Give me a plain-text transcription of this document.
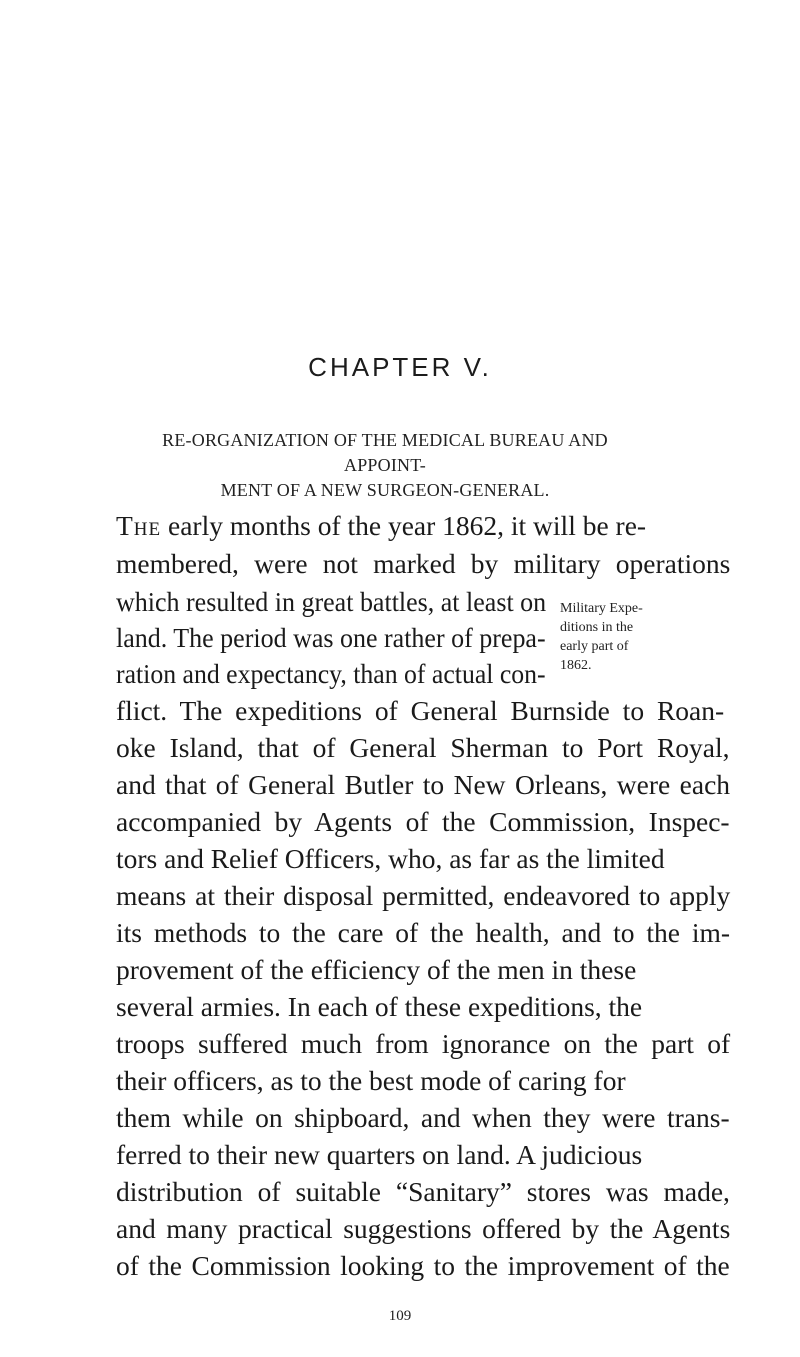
CHAPTER V.
RE-ORGANIZATION OF THE MEDICAL BUREAU AND APPOINT-
MENT OF A NEW SURGEON-GENERAL.
The early months of the year 1862, it will be re-
membered, were not marked by military operations
which resulted in great battles, at least on
land. The period was one rather of prepa-
ration and expectancy, than of actual con-
flict. The expeditions of General Burnside to Roan-
oke Island, that of General Sherman to Port Royal,
and that of General Butler to New Orleans, were each
accompanied by Agents of the Commission, Inspec-
tors and Relief Officers, who, as far as the limited
means at their disposal permitted, endeavored to apply
its methods to the care of the health, and to the im-
provement of the efficiency of the men in these
several armies. In each of these expeditions, the
troops suffered much from ignorance on the part of
their officers, as to the best mode of caring for
them while on shipboard, and when they were trans-
ferred to their new quarters on land. A judicious
distribution of suitable “Sanitary” stores was made,
and many practical suggestions offered by the Agents
of the Commission looking to the improvement of the
Military Expe-
ditions in the
early part of
1862.
109
